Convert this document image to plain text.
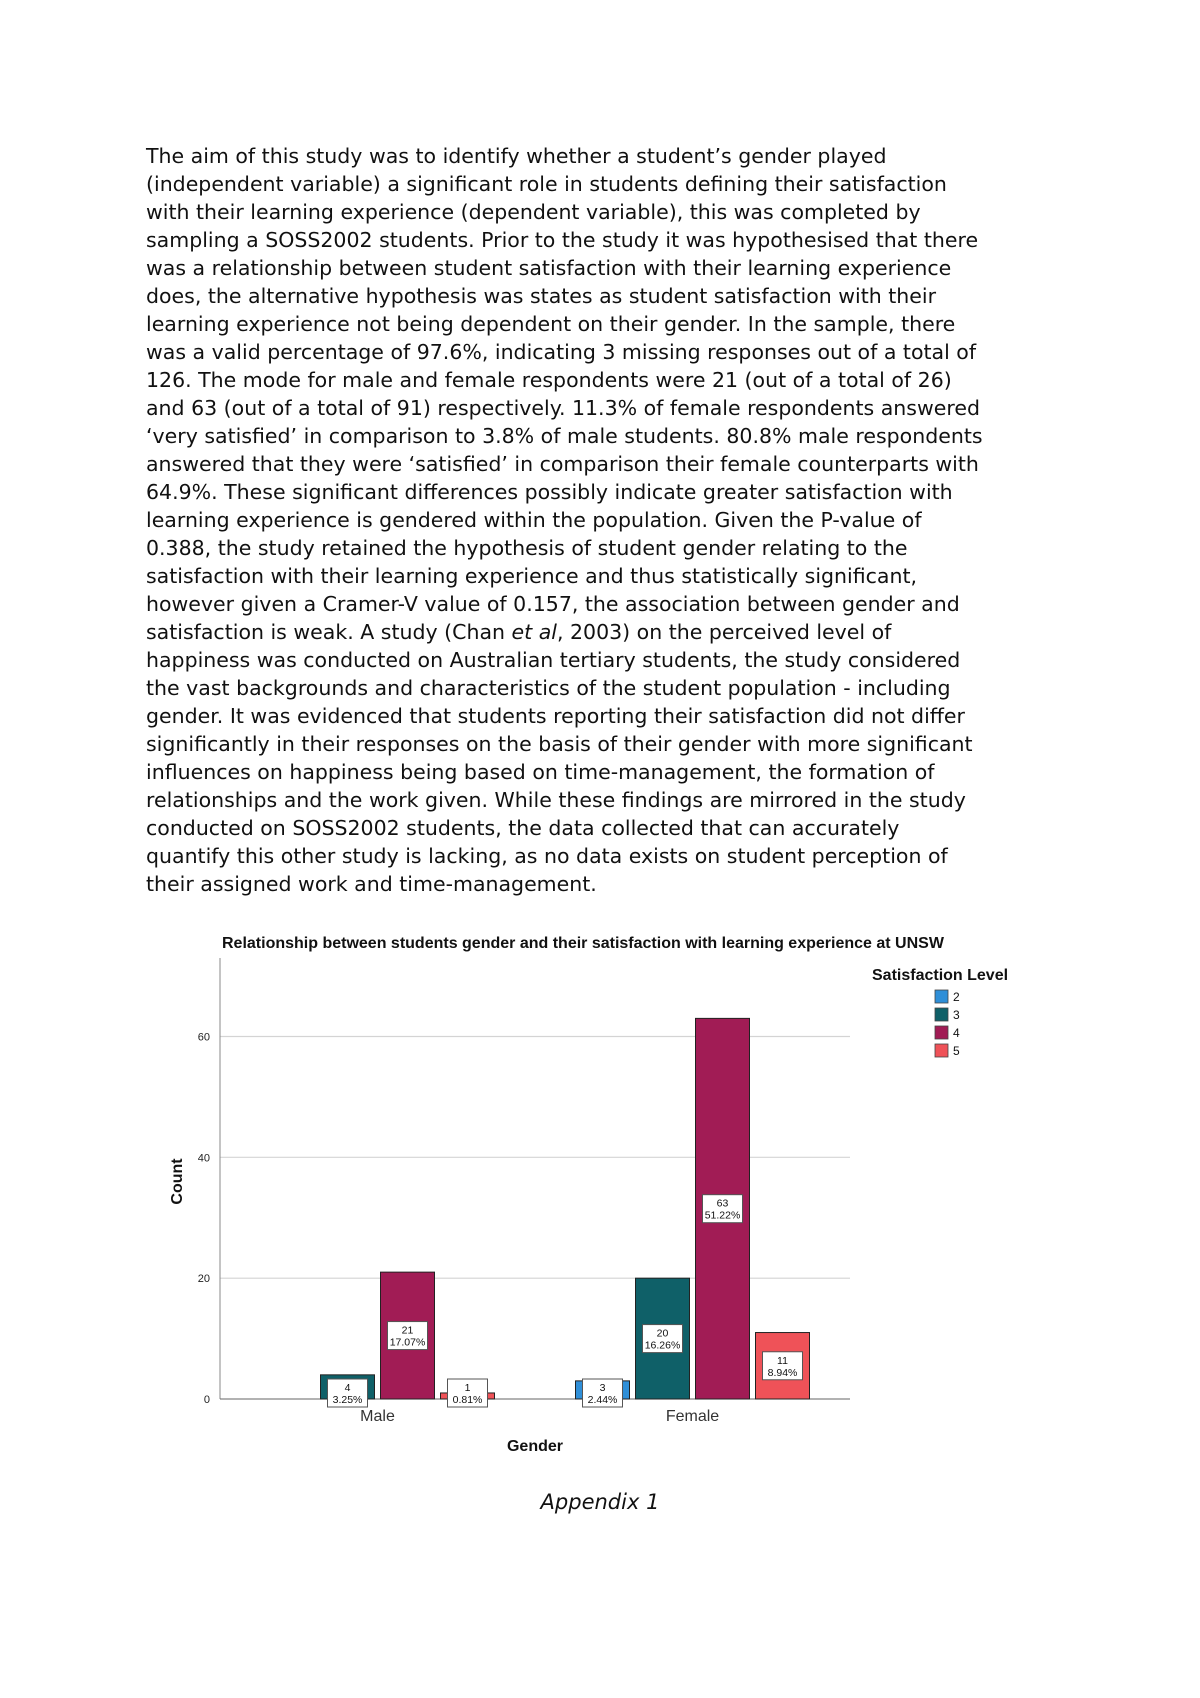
The aim of this study was to identify whether a student’s gender played
(independent variable) a significant role in students defining their satisfaction
with their learning experience (dependent variable), this was completed by
sampling a SOSS2002 students. Prior to the study it was hypothesised that there
was a relationship between student satisfaction with their learning experience
does, the alternative hypothesis was states as student satisfaction with their
learning experience not being dependent on their gender. In the sample, there
was a valid percentage of 97.6%, indicating 3 missing responses out of a total of
126. The mode for male and female respondents were 21 (out of a total of 26)
and 63 (out of a total of 91) respectively. 11.3% of female respondents answered
‘very satisfied’ in comparison to 3.8% of male students. 80.8% male respondents
answered that they were ‘satisfied’ in comparison their female counterparts with
64.9%. These significant differences possibly indicate greater satisfaction with
learning experience is gendered within the population. Given the P-value of
0.388, the study retained the hypothesis of student gender relating to the
satisfaction with their learning experience and thus statistically significant,
however given a Cramer-V value of 0.157, the association between gender and
satisfaction is weak. A study (Chan et al, 2003) on the perceived level of
happiness was conducted on Australian tertiary students, the study considered
the vast backgrounds and characteristics of the student population - including
gender. It was evidenced that students reporting their satisfaction did not differ
significantly in their responses on the basis of their gender with more significant
influences on happiness being based on time-management, the formation of
relationships and the work given. While these findings are mirrored in the study
conducted on SOSS2002 students, the data collected that can accurately
quantify this other study is lacking, as no data exists on student perception of
their assigned work and time-management.
Relationship between students gender and their satisfaction with learning experience at UNSW
0
20
40
60
Count
Male
4
3.25%
21
17.07%
1
0.81%
Female
3
2.44%
20
16.26%
63
51.22%
11
8.94%
Gender
Satisfaction Level
2
3
4
5
Appendix 1
